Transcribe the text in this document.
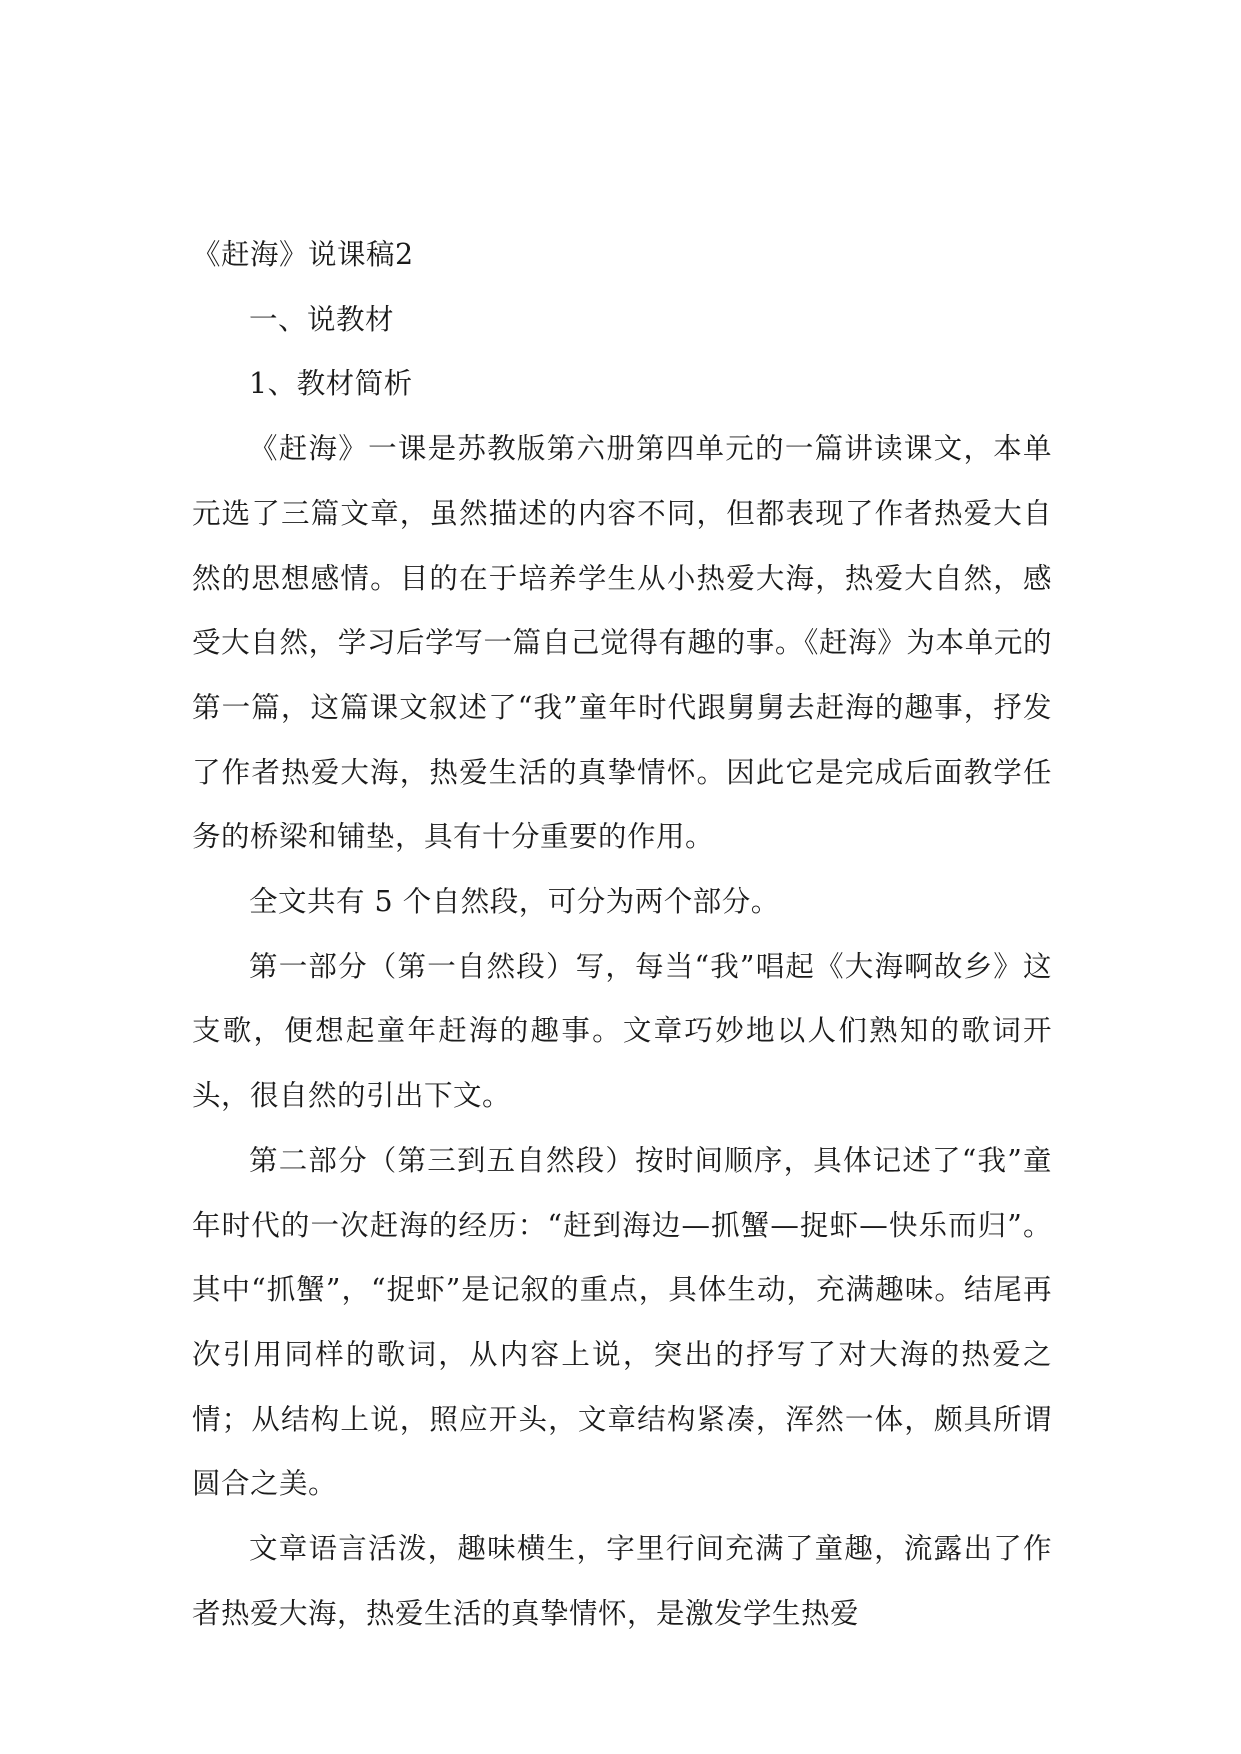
《赶海》说课稿2

一、说教材

1、教材简析

《赶海》一课是苏教版第六册第四单元的一篇讲读课文，本单元选了三篇文章，虽然描述的内容不同，但都表现了作者热爱大自然的思想感情。目的在于培养学生从小热爱大海，热爱大自然，感受大自然，学习后学写一篇自己觉得有趣的事。《赶海》为本单元的第一篇，这篇课文叙述了“我”童年时代跟舅舅去赶海的趣事，抒发了作者热爱大海，热爱生活的真挚情怀。因此它是完成后面教学任务的桥梁和铺垫，具有十分重要的作用。

全文共有 5 个自然段，可分为两个部分。

第一部分（第一自然段）写，每当“我”唱起《大海啊故乡》这支歌，便想起童年赶海的趣事。文章巧妙地以人们熟知的歌词开头，很自然的引出下文。

第二部分（第三到五自然段）按时间顺序，具体记述了“我”童年时代的一次赶海的经历：“赶到海边—抓蟹—捉虾—快乐而归”。其中“抓蟹”，“捉虾”是记叙的重点，具体生动，充满趣味。结尾再次引用同样的歌词，从内容上说，突出的抒写了对大海的热爱之情；从结构上说，照应开头，文章结构紧凑，浑然一体，颇具所谓圆合之美。

文章语言活泼，趣味横生，字里行间充满了童趣，流露出了作者热爱大海，热爱生活的真挚情怀，是激发学生热爱
